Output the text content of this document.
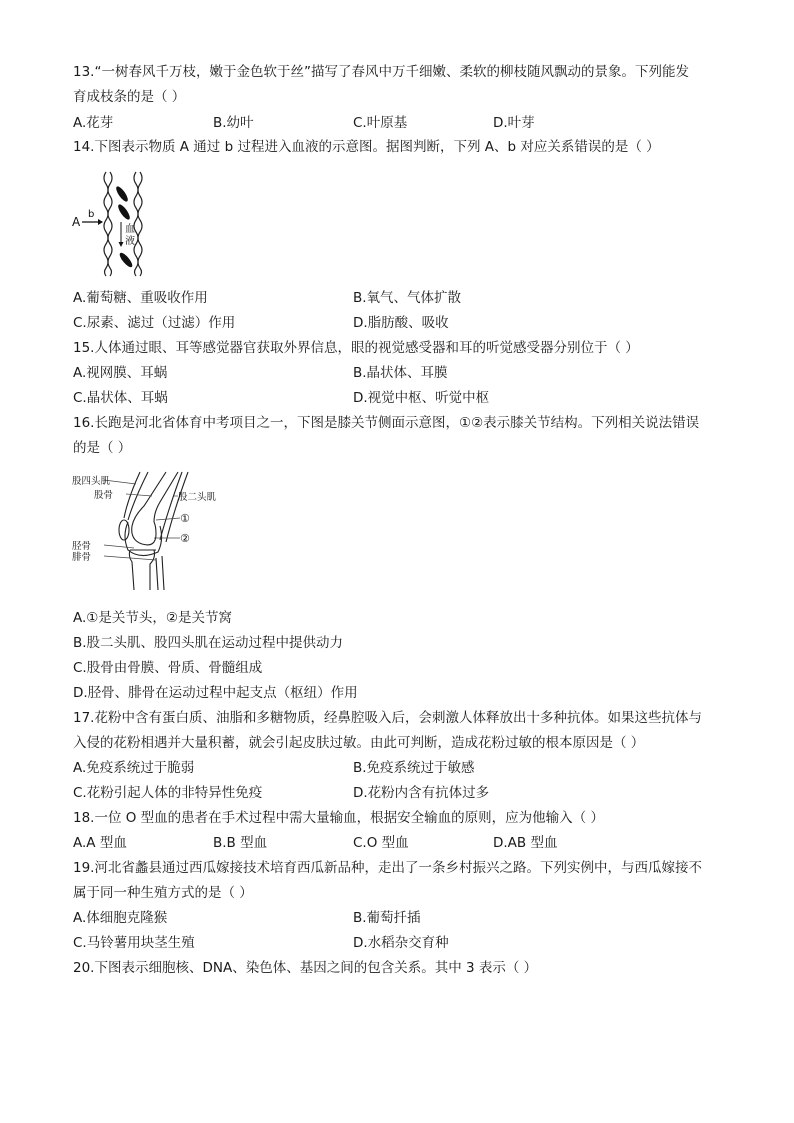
13.“一树春风千万枝，嫩于金色软于丝”描写了春风中万千细嫩、柔软的柳枝随风飘动的景象。下列能发
育成枝条的是（ ）
A.花芽	B.幼叶	C.叶原基	D.叶芽
14.下图表示物质 A 通过 b 过程进入血液的示意图。据图判断，下列 A、b 对应关系错误的是（ ）
A
b
血
液
A.葡萄糖、重吸收作用	B.氧气、气体扩散
C.尿素、滤过（过滤）作用	D.脂肪酸、吸收
15.人体通过眼、耳等感觉器官获取外界信息，眼的视觉感受器和耳的听觉感受器分别位于（ ）
A.视网膜、耳蜗	B.晶状体、耳膜
C.晶状体、耳蜗	D.视觉中枢、听觉中枢
16.长跑是河北省体育中考项目之一，下图是膝关节侧面示意图，①②表示膝关节结构。下列相关说法错误
的是（ ）
股四头肌
股骨	股二头肌
①
②
胫骨
腓骨
A.①是关节头，②是关节窝
B.股二头肌、股四头肌在运动过程中提供动力
C.股骨由骨膜、骨质、骨髓组成
D.胫骨、腓骨在运动过程中起支点（枢纽）作用
17.花粉中含有蛋白质、油脂和多糖物质，经鼻腔吸入后，会刺激人体释放出十多种抗体。如果这些抗体与
入侵的花粉相遇并大量积蓄，就会引起皮肤过敏。由此可判断，造成花粉过敏的根本原因是（ ）
A.免疫系统过于脆弱	B.免疫系统过于敏感
C.花粉引起人体的非特异性免疫	D.花粉内含有抗体过多
18.一位 O 型血的患者在手术过程中需大量输血，根据安全输血的原则，应为他输入（ ）
A.A 型血	B.B 型血	C.O 型血	D.AB 型血
19.河北省蠡县通过西瓜嫁接技术培育西瓜新品种，走出了一条乡村振兴之路。下列实例中，与西瓜嫁接不
属于同一种生殖方式的是（ ）
A.体细胞克隆猴	B.葡萄扦插
C.马铃薯用块茎生殖	D.水稻杂交育种
20.下图表示细胞核、DNA、染色体、基因之间的包含关系。其中 3 表示（ ）
